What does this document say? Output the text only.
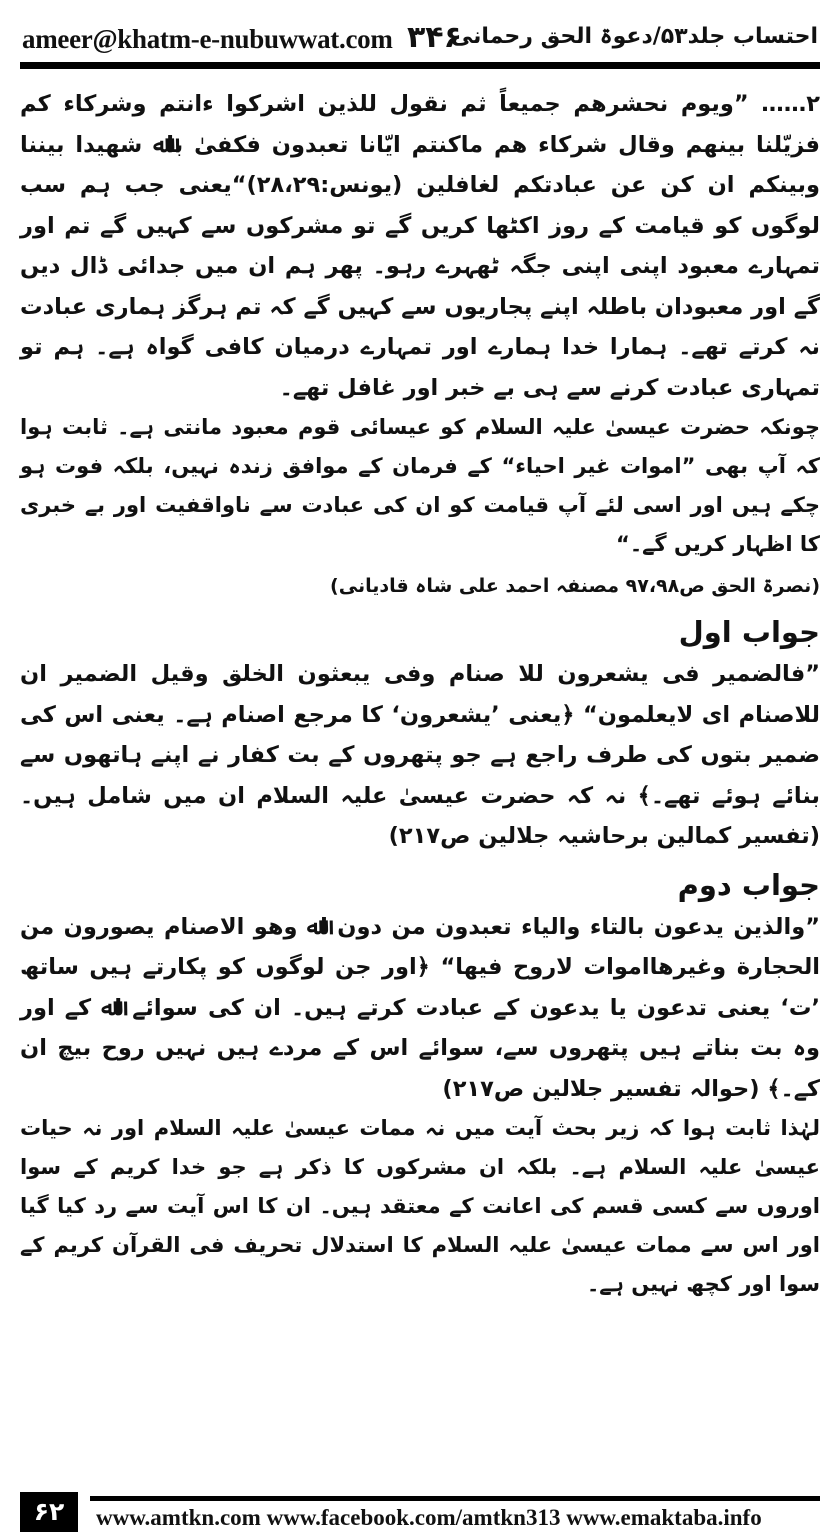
ameer@khatm-e-nubuwwat.com ۳۴۶
احتساب جلد۵۳/دعوۃ الحق رحمانی

۲…… ”ویوم نحشرهم جمیعاً ثم نقول للذین اشرکوا ءانتم وشرکاء کم فزیّلنا بینهم وقال شرکاء هم ماکنتم ایّانا تعبدون فکفیٰ باﷲ شهیدا بیننا وبینکم ان کن عن عبادتکم لغافلین (یونس:۲۸،۲۹)“یعنی جب ہم سب لوگوں کو قیامت کے روز اکٹھا کریں گے تو مشرکوں سے کہیں گے تم اور تمہارے معبود اپنی اپنی جگہ ٹھہرے رہو۔ پھر ہم ان میں جدائی ڈال دیں گے اور معبودان باطلہ اپنے پجاریوں سے کہیں گے کہ تم ہرگز ہماری عبادت نہ کرتے تھے۔ ہمارا خدا ہمارے اور تمہارے درمیان کافی گواہ ہے۔ ہم تو تمہاری عبادت کرنے سے ہی بے خبر اور غافل تھے۔

چونکہ حضرت عیسیٰ علیہ السلام کو عیسائی قوم معبود مانتی ہے۔ ثابت ہوا کہ آپ بھی ”اموات غیر احیاء“ کے فرمان کے موافق زندہ نہیں، بلکہ فوت ہو چکے ہیں اور اسی لئے آپ قیامت کو ان کی عبادت سے ناواقفیت اور بے خبری کا اظہار کریں گے۔“

(نصرۃ الحق ص۹۷،۹۸ مصنفہ احمد علی شاہ قادیانی)

جواب اول

”فالضمیر فی یشعرون للا صنام وفی یبعثون الخلق وقیل الضمیر ان للاصنام ای لایعلمون“ ﴿یعنی ’یشعرون‘ کا مرجع اصنام ہے۔ یعنی اس کی ضمیر بتوں کی طرف راجع ہے جو پتھروں کے بت کفار نے اپنے ہاتھوں سے بنائے ہوئے تھے۔﴾ نہ کہ حضرت عیسیٰ علیہ السلام ان میں شامل ہیں۔ (تفسیر کمالین برحاشیہ جلالین ص۲۱۷)

جواب دوم

”والذین یدعون بالتاء والیاء تعبدون من دون اﷲ وهو الاصنام یصورون من الحجارة وغیرهااموات لاروح فیها“ ﴿اور جن لوگوں کو پکارتے ہیں ساتھ ’ت‘ یعنی تدعون یا یدعون کے عبادت کرتے ہیں۔ ان کی سوائے اﷲ کے اور وہ بت بناتے ہیں پتھروں سے، سوائے اس کے مردے ہیں نہیں روح بیچ ان کے۔﴾ (حوالہ تفسیر جلالین ص۲۱۷)

لہٰذا ثابت ہوا کہ زیر بحث آیت میں نہ ممات عیسیٰ علیہ السلام اور نہ حیات عیسیٰ علیہ السلام ہے۔ بلکہ ان مشرکوں کا ذکر ہے جو خدا کریم کے سوا اوروں سے کسی قسم کی اعانت کے معتقد ہیں۔ ان کا اس آیت سے رد کیا گیا اور اس سے ممات عیسیٰ علیہ السلام کا استدلال تحریف فی القرآن کریم کے سوا اور کچھ نہیں ہے۔

۶۲	www.amtkn.com www.facebook.com/amtkn313 www.emaktaba.info
